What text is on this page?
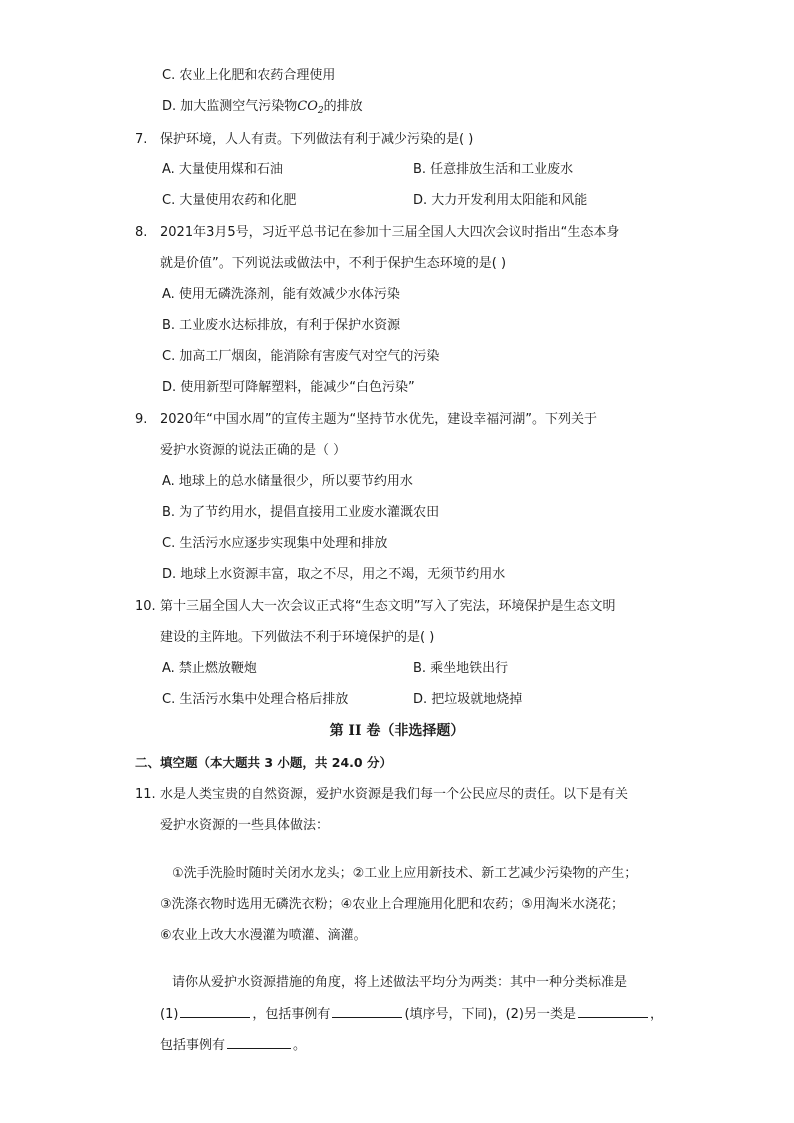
C. 农业上化肥和农药合理使用
D. 加大监测空气污染物$CO_2$的排放
7. 保护环境，人人有责。下列做法有利于减少污染的是( )
A. 大量使用煤和石油	B. 任意排放生活和工业废水
C. 大量使用农药和化肥	D. 大力开发利用太阳能和风能
8. 2021年3月5号，习近平总书记在参加十三届全国人大四次会议时指出“生态本身
就是价值”。下列说法或做法中，不利于保护生态环境的是( )
A. 使用无磷洗涤剂，能有效减少水体污染
B. 工业废水达标排放，有利于保护水资源
C. 加高工厂烟囱，能消除有害废气对空气的污染
D. 使用新型可降解塑料，能减少“白色污染”
9. 2020年“中国水周”的宣传主题为“坚持节水优先，建设幸福河湖”。下列关于
爱护水资源的说法正确的是（ ）
A. 地球上的总水储量很少，所以要节约用水
B. 为了节约用水，提倡直接用工业废水灌溉农田
C. 生活污水应逐步实现集中处理和排放
D. 地球上水资源丰富，取之不尽，用之不竭，无须节约用水
10. 第十三届全国人大一次会议正式将“生态文明”写入了宪法，环境保护是生态文明
建设的主阵地。下列做法不利于环境保护的是( )
A. 禁止燃放鞭炮	B. 乘坐地铁出行
C. 生活污水集中处理合格后排放	D. 把垃圾就地烧掉
第 II 卷（非选择题）
二、填空题（本大题共 3 小题，共 24.0 分）
11. 水是人类宝贵的自然资源，爱护水资源是我们每一个公民应尽的责任。以下是有关
爱护水资源的一些具体做法：
①洗手洗脸时随时关闭水龙头；②工业上应用新技术、新工艺减少污染物的产生；
③洗涤衣物时选用无磷洗衣粉；④农业上合理施用化肥和农药；⑤用淘米水浇花；
⑥农业上改大水漫灌为喷灌、滴灌。
请你从爱护水资源措施的角度，将上述做法平均分为两类：其中一种分类标准是
(1)	，包括事例有	(填序号，下同)，(2)另一类是	，
包括事例有	。
